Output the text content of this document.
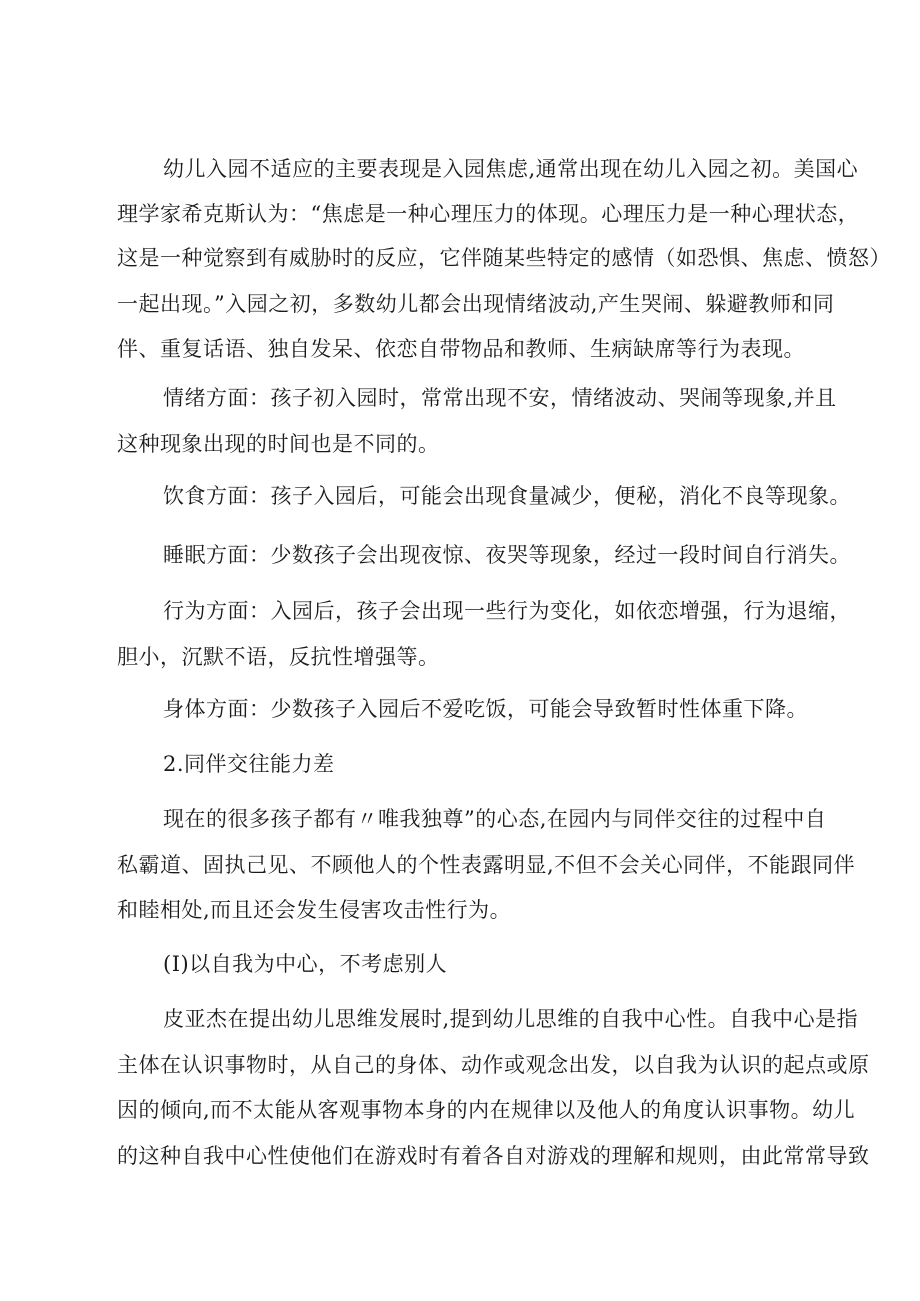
幼儿入园不适应的主要表现是入园焦虑,通常出现在幼儿入园之初。美国心
理学家希克斯认为：“焦虑是一种心理压力的体现。心理压力是一种心理状态，
这是一种觉察到有威胁时的反应，它伴随某些特定的感情（如恐惧、焦虑、愤怒）
一起出现。”入园之初，多数幼儿都会出现情绪波动,产生哭闹、躲避教师和同
伴、重复话语、独自发呆、依恋自带物品和教师、生病缺席等行为表现。
情绪方面：孩子初入园时，常常出现不安，情绪波动、哭闹等现象,并且
这种现象出现的时间也是不同的。
饮食方面：孩子入园后，可能会出现食量减少，便秘，消化不良等现象。
睡眠方面：少数孩子会出现夜惊、夜哭等现象，经过一段时间自行消失。
行为方面：入园后，孩子会出现一些行为变化，如依恋增强，行为退缩，
胆小，沉默不语，反抗性增强等。
身体方面：少数孩子入园后不爱吃饭，可能会导致暂时性体重下降。
2.同伴交往能力差
现在的很多孩子都有〃唯我独尊”的心态,在园内与同伴交往的过程中自
私霸道、固执己见、不顾他人的个性表露明显,不但不会关心同伴，不能跟同伴
和睦相处,而且还会发生侵害攻击性行为。
(I)以自我为中心，不考虑别人
皮亚杰在提出幼儿思维发展时,提到幼儿思维的自我中心性。自我中心是指
主体在认识事物时，从自己的身体、动作或观念出发，以自我为认识的起点或原
因的倾向,而不太能从客观事物本身的内在规律以及他人的角度认识事物。幼儿
的这种自我中心性使他们在游戏时有着各自对游戏的理解和规则，由此常常导致
